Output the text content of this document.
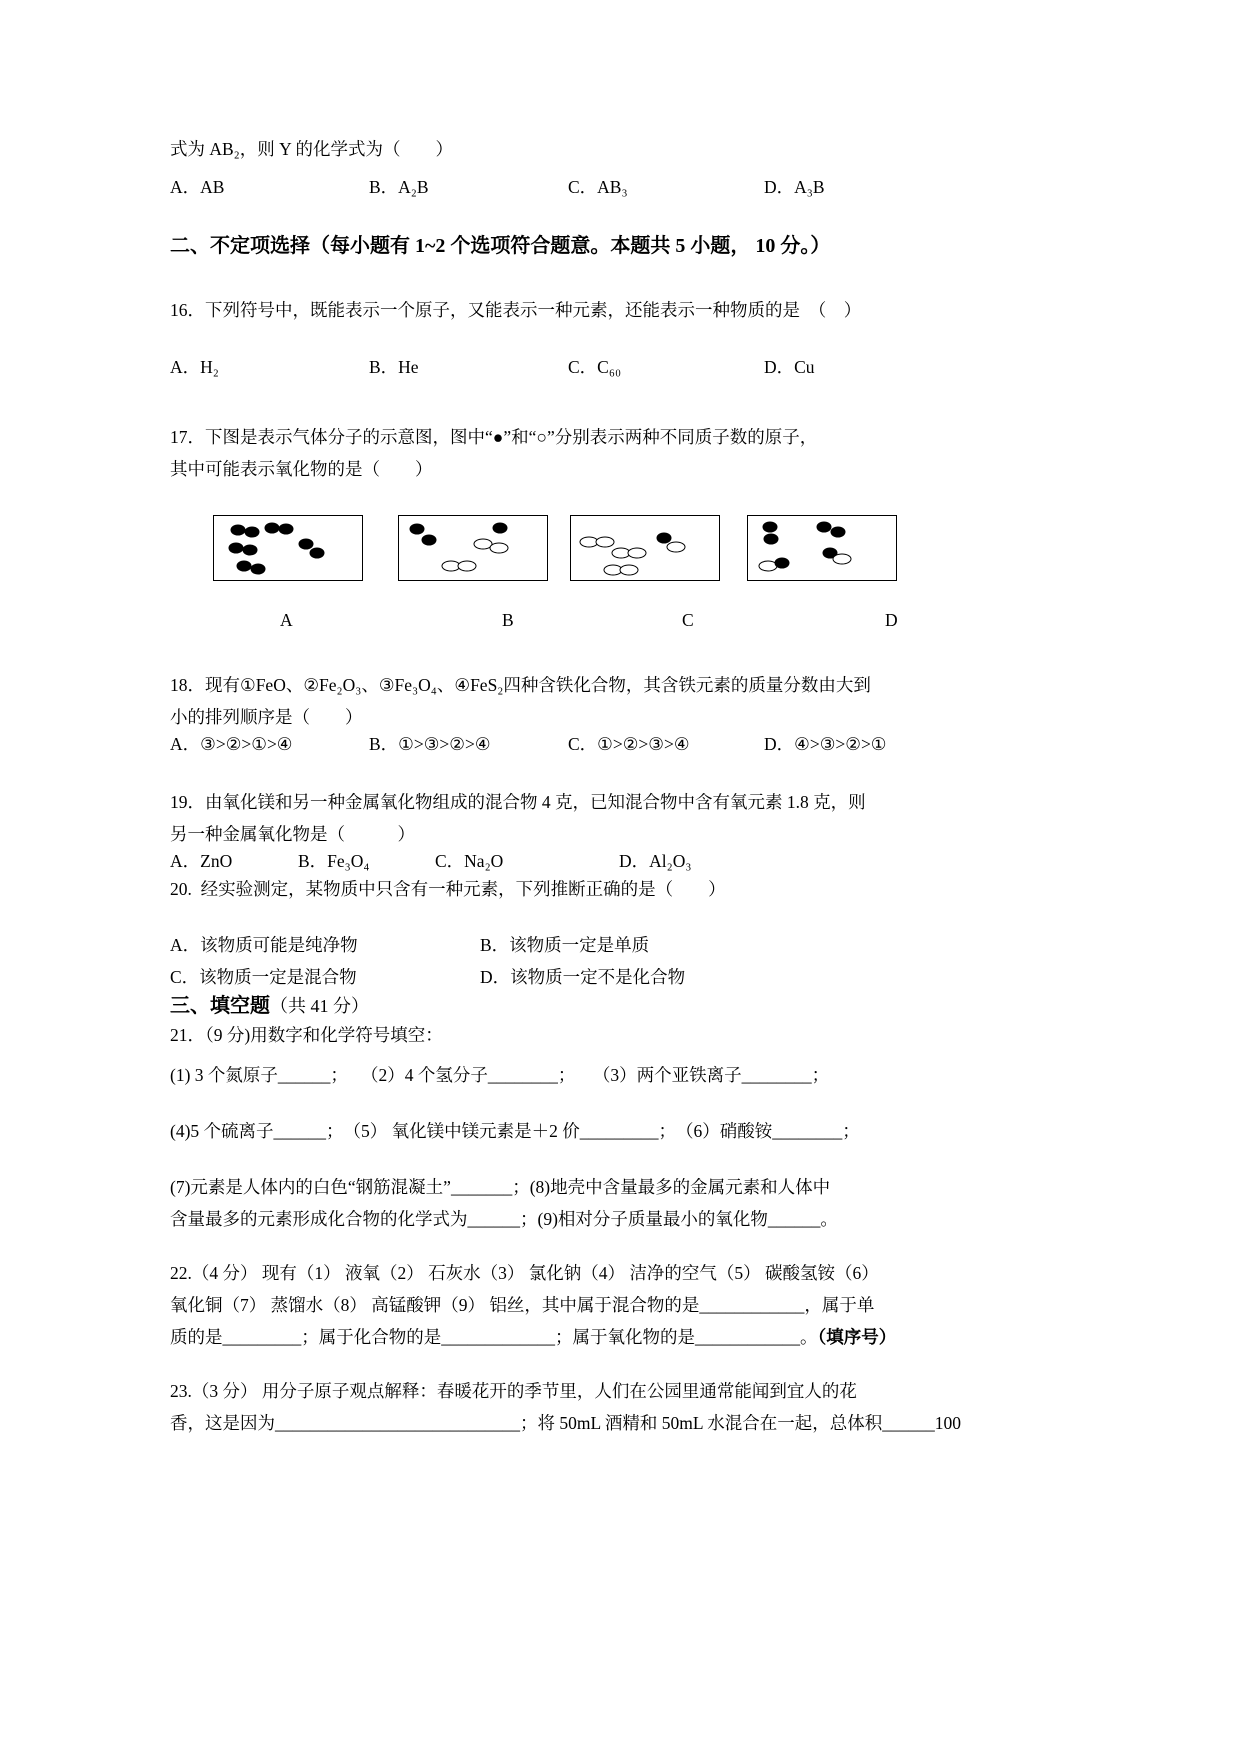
式为 AB₂，则 Y 的化学式为（　　）

A．AB	B．A₂B	C．AB₃	D．A₃B
二、不定项选择（每小题有 1~2 个选项符合题意。本题共 5 小题， 10 分。）

16．下列符号中，既能表示一个原子，又能表示一种元素，还能表示一种物质的是　（　）

A．H₂	B．He	C．C₆₀	D．Cu

17．下图是表示气体分子的示意图，图中“●”和“○”分别表示两种不同质子数的原子，

其中可能表示氧化物的是（　　）

A	B	C	D

18．现有①FeO、②Fe₂O₃、③Fe₃O₄、④FeS₂四种含铁化合物，其含铁元素的质量分数由大到

小的排列顺序是（　　）

A．③>②>①>④	B．①>③>②>④	C．①>②>③>④	D．④>③>②>①

19．由氧化镁和另一种金属氧化物组成的混合物 4 克，已知混合物中含有氧元素 1.8 克，则

另一种金属氧化物是（　　　）

A．ZnO	B．Fe₃O₄	C．Na₂O	D．Al₂O₃

20.  经实验测定，某物质中只含有一种元素，下列推断正确的是（　　）

A．该物质可能是纯净物	B．该物质一定是单质
C．该物质一定是混合物	D．该物质一定不是化合物
三、填空题（共 41 分）

21．（9 分)用数字和化学符号填空：

(1) 3 个氮原子______；　 （2）4 个氢分子________；　　（3）两个亚铁离子________；

(4)5 个硫离子______；　（5） 氧化镁中镁元素是＋2 价_________；　（6）硝酸铵________；

(7)元素是人体内的白色“钢筋混凝土”_______；(8)地壳中含量最多的金属元素和人体中

含量最多的元素形成化合物的化学式为______；(9)相对分子质量最小的氧化物______。

22.（4 分） 现有（1） 液氧（2） 石灰水（3） 氯化钠（4） 洁净的空气（5） 碳酸氢铵（6）

氧化铜（7） 蒸馏水（8） 高锰酸钾（9） 铝丝，其中属于混合物的是____________，属于单

质的是_________；属于化合物的是_____________；属于氧化物的是____________。（填序号）

23.（3 分） 用分子原子观点解释：春暖花开的季节里，人们在公园里通常能闻到宜人的花

香，这是因为____________________________；将 50mL 酒精和 50mL 水混合在一起，总体积______100
